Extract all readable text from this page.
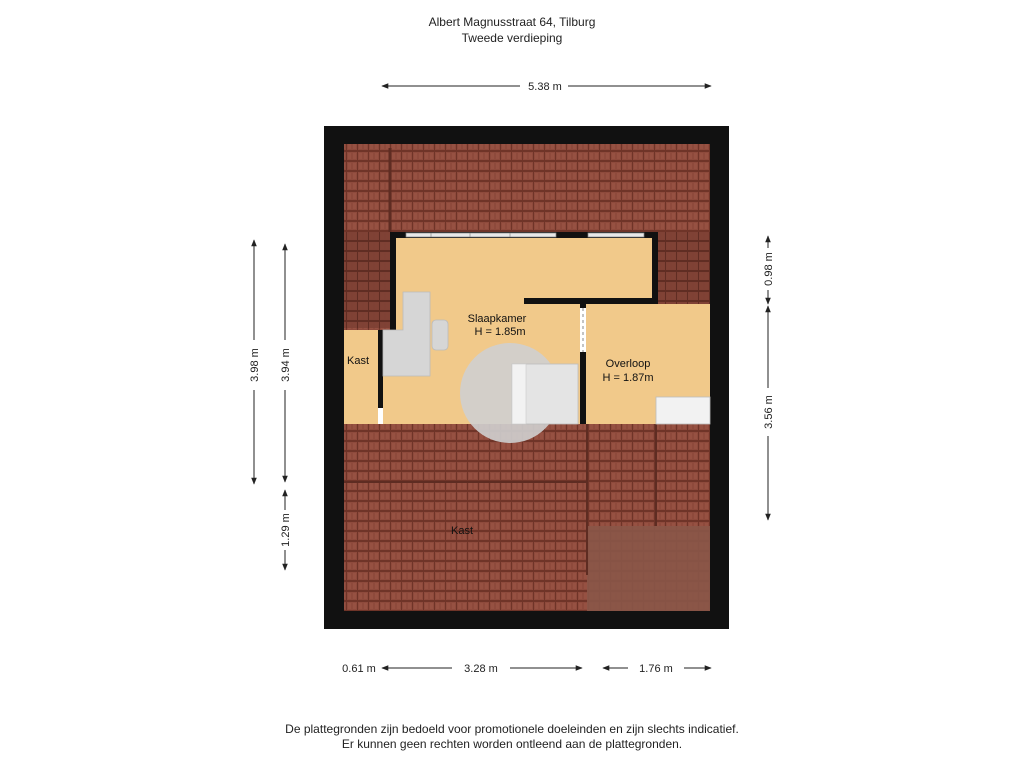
Albert Magnusstraat 64, Tilburg
Tweede verdieping
Slaapkamer
H = 1.85m
Overloop
H = 1.87m
Kast
Kast
5.38 m
3.98 m 3.94 m
1.29 m
0.98 m
3.56 m
0.61 m	3.28 m	1.76 m
De plattegronden zijn bedoeld voor promotionele doeleinden en zijn slechts indicatief.
Er kunnen geen rechten worden ontleend aan de plattegronden.
